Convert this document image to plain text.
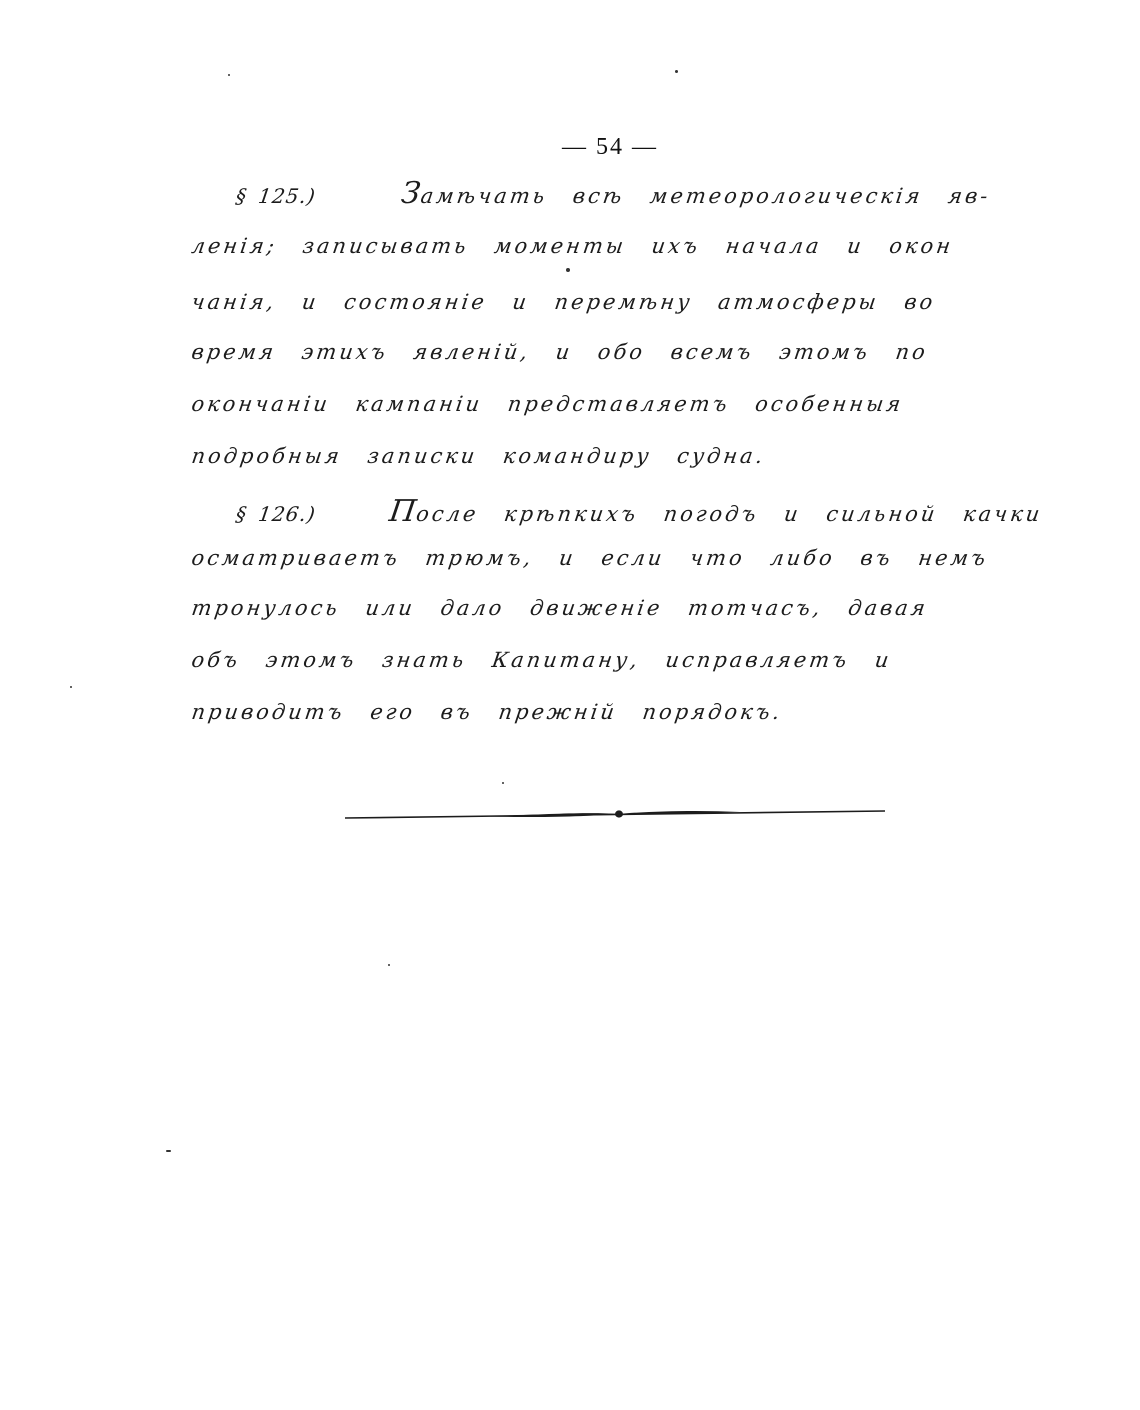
— 54 —
§ 125.)	Замѣчать всѣ метеорологическiя яв-
ленiя; записывать моменты ихъ начала и окон
чанiя, и состоянiе и перемѣну атмосферы во
время этихъ явленiй, и обо всемъ этомъ по
окончанiи кампанiи представляетъ особенныя
подробныя записки командиру судна.
§ 126.) После крѣпкихъ погодъ и сильной качки
осматриваетъ трюмъ, и если что либо въ немъ
тронулось или дало движенiе тотчасъ, давая
объ этомъ знать Капитану, исправляетъ и
приводитъ его въ прежнiй порядокъ.
